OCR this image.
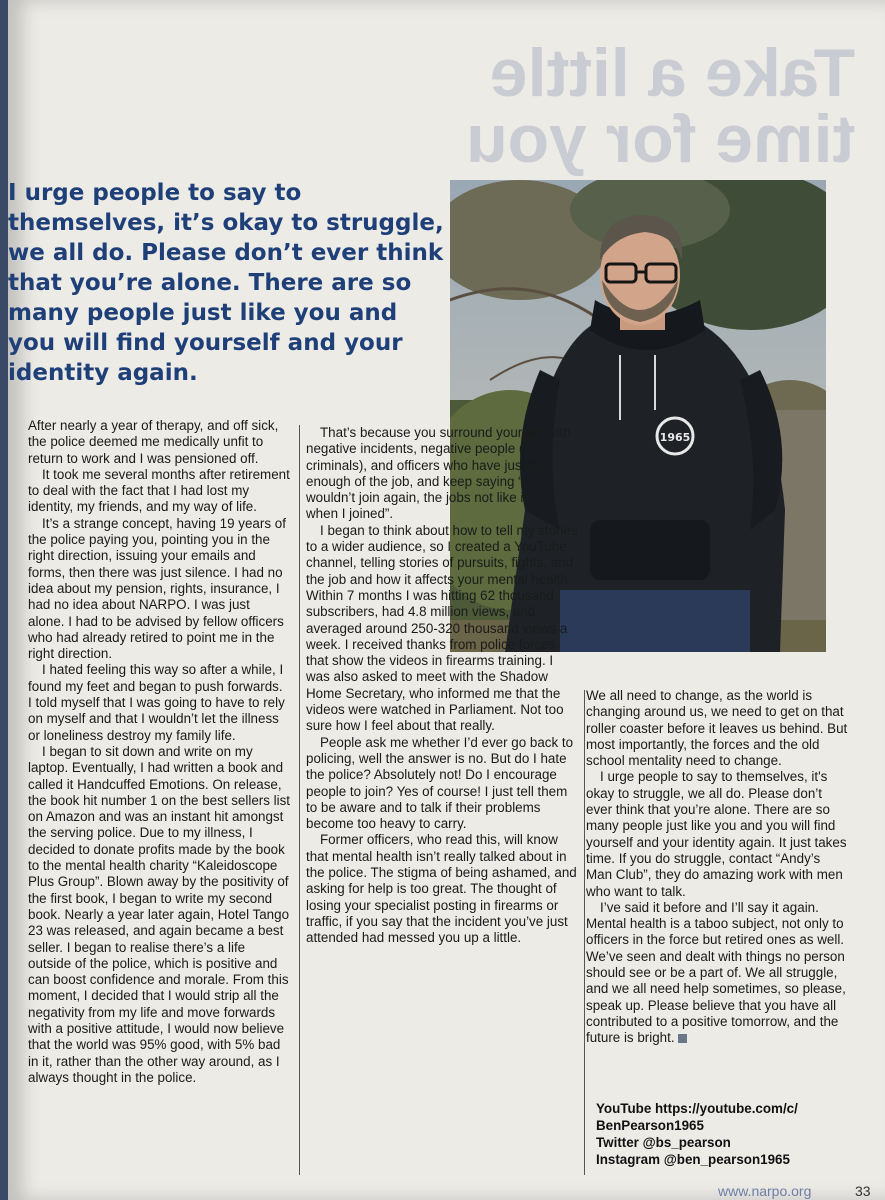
Take a little
time for you
I urge people to say to
themselves, it’s okay to struggle,
we all do. Please don’t ever think
that you’re alone. There are so
many people just like you and
you will find yourself and your
identity again.
1965

After nearly a year of therapy, and off sick, the police deemed me medically unfit to return to work and I was pensioned off.

It took me several months after retirement to deal with the fact that I had lost my identity, my friends, and my way of life.

It’s a strange concept, having 19 years of the police paying you, pointing you in the right direction, issuing your emails and forms, then there was just silence. I had no idea about my pension, rights, insurance, I had no idea about NARPO. I was just alone. I had to be advised by fellow officers who had already retired to point me in the right direction.

I hated feeling this way so after a while, I found my feet and began to push forwards. I told myself that I was going to have to rely on myself and that I wouldn’t let the illness or loneliness destroy my family life.

I began to sit down and write on my laptop. Eventually, I had written a book and called it Handcuffed Emotions. On release, the book hit number 1 on the best sellers list on Amazon and was an instant hit amongst the serving police. Due to my illness, I decided to donate profits made by the book to the mental health charity “Kaleidoscope Plus Group”. Blown away by the positivity of the first book, I began to write my second book. Nearly a year later again, Hotel Tango 23 was released, and again became a best seller. I began to realise there’s a life outside of the police, which is positive and can boost confidence and morale. From this moment, I decided that I would strip all the negativity from my life and move forwards with a positive attitude, I would now believe that the world was 95% good, with 5% bad in it, rather than the other way around, as I always thought in the police.

That’s because you surround yourself with negative incidents, negative people (ie criminals), and officers who have just had enough of the job, and keep saying “I wouldn’t join again, the jobs not like it was when I joined”.

I began to think about how to tell my stories to a wider audience, so I created a YouTube channel, telling stories of pursuits, fights, and the job and how it affects your mental health. Within 7 months I was hitting 62 thousand subscribers, had 4.8 million views, and averaged around 250-320 thousand views a week. I received thanks from police forces that show the videos in firearms training. I was also asked to meet with the Shadow Home Secretary, who informed me that the videos were watched in Parliament. Not too sure how I feel about that really.

People ask me whether I’d ever go back to policing, well the answer is no. But do I hate the police? Absolutely not! Do I encourage people to join? Yes of course! I just tell them to be aware and to talk if their problems become too heavy to carry.

Former officers, who read this, will know that mental health isn’t really talked about in the police. The stigma of being ashamed, and asking for help is too great. The thought of losing your specialist posting in firearms or traffic, if you say that the incident you’ve just attended had messed you up a little.

We all need to change, as the world is changing around us, we need to get on that roller coaster before it leaves us behind. But most importantly, the forces and the old school mentality need to change.

I urge people to say to themselves, it's okay to struggle, we all do. Please don’t ever think that you’re alone. There are so many people just like you and you will find yourself and your identity again. It just takes time. If you do struggle, contact “Andy’s Man Club”, they do amazing work with men who want to talk.

I’ve said it before and I’ll say it again. Mental health is a taboo subject, not only to officers in the force but retired ones as well. We’ve seen and dealt with things no person should see or be a part of. We all struggle, and we all need help sometimes, so please, speak up. Please believe that you have all contributed to a positive tomorrow, and the future is bright.

YouTube https://youtube.com/c/
BenPearson1965
Twitter @bs_pearson
Instagram @ben_pearson1965
www.narpo.org	33
